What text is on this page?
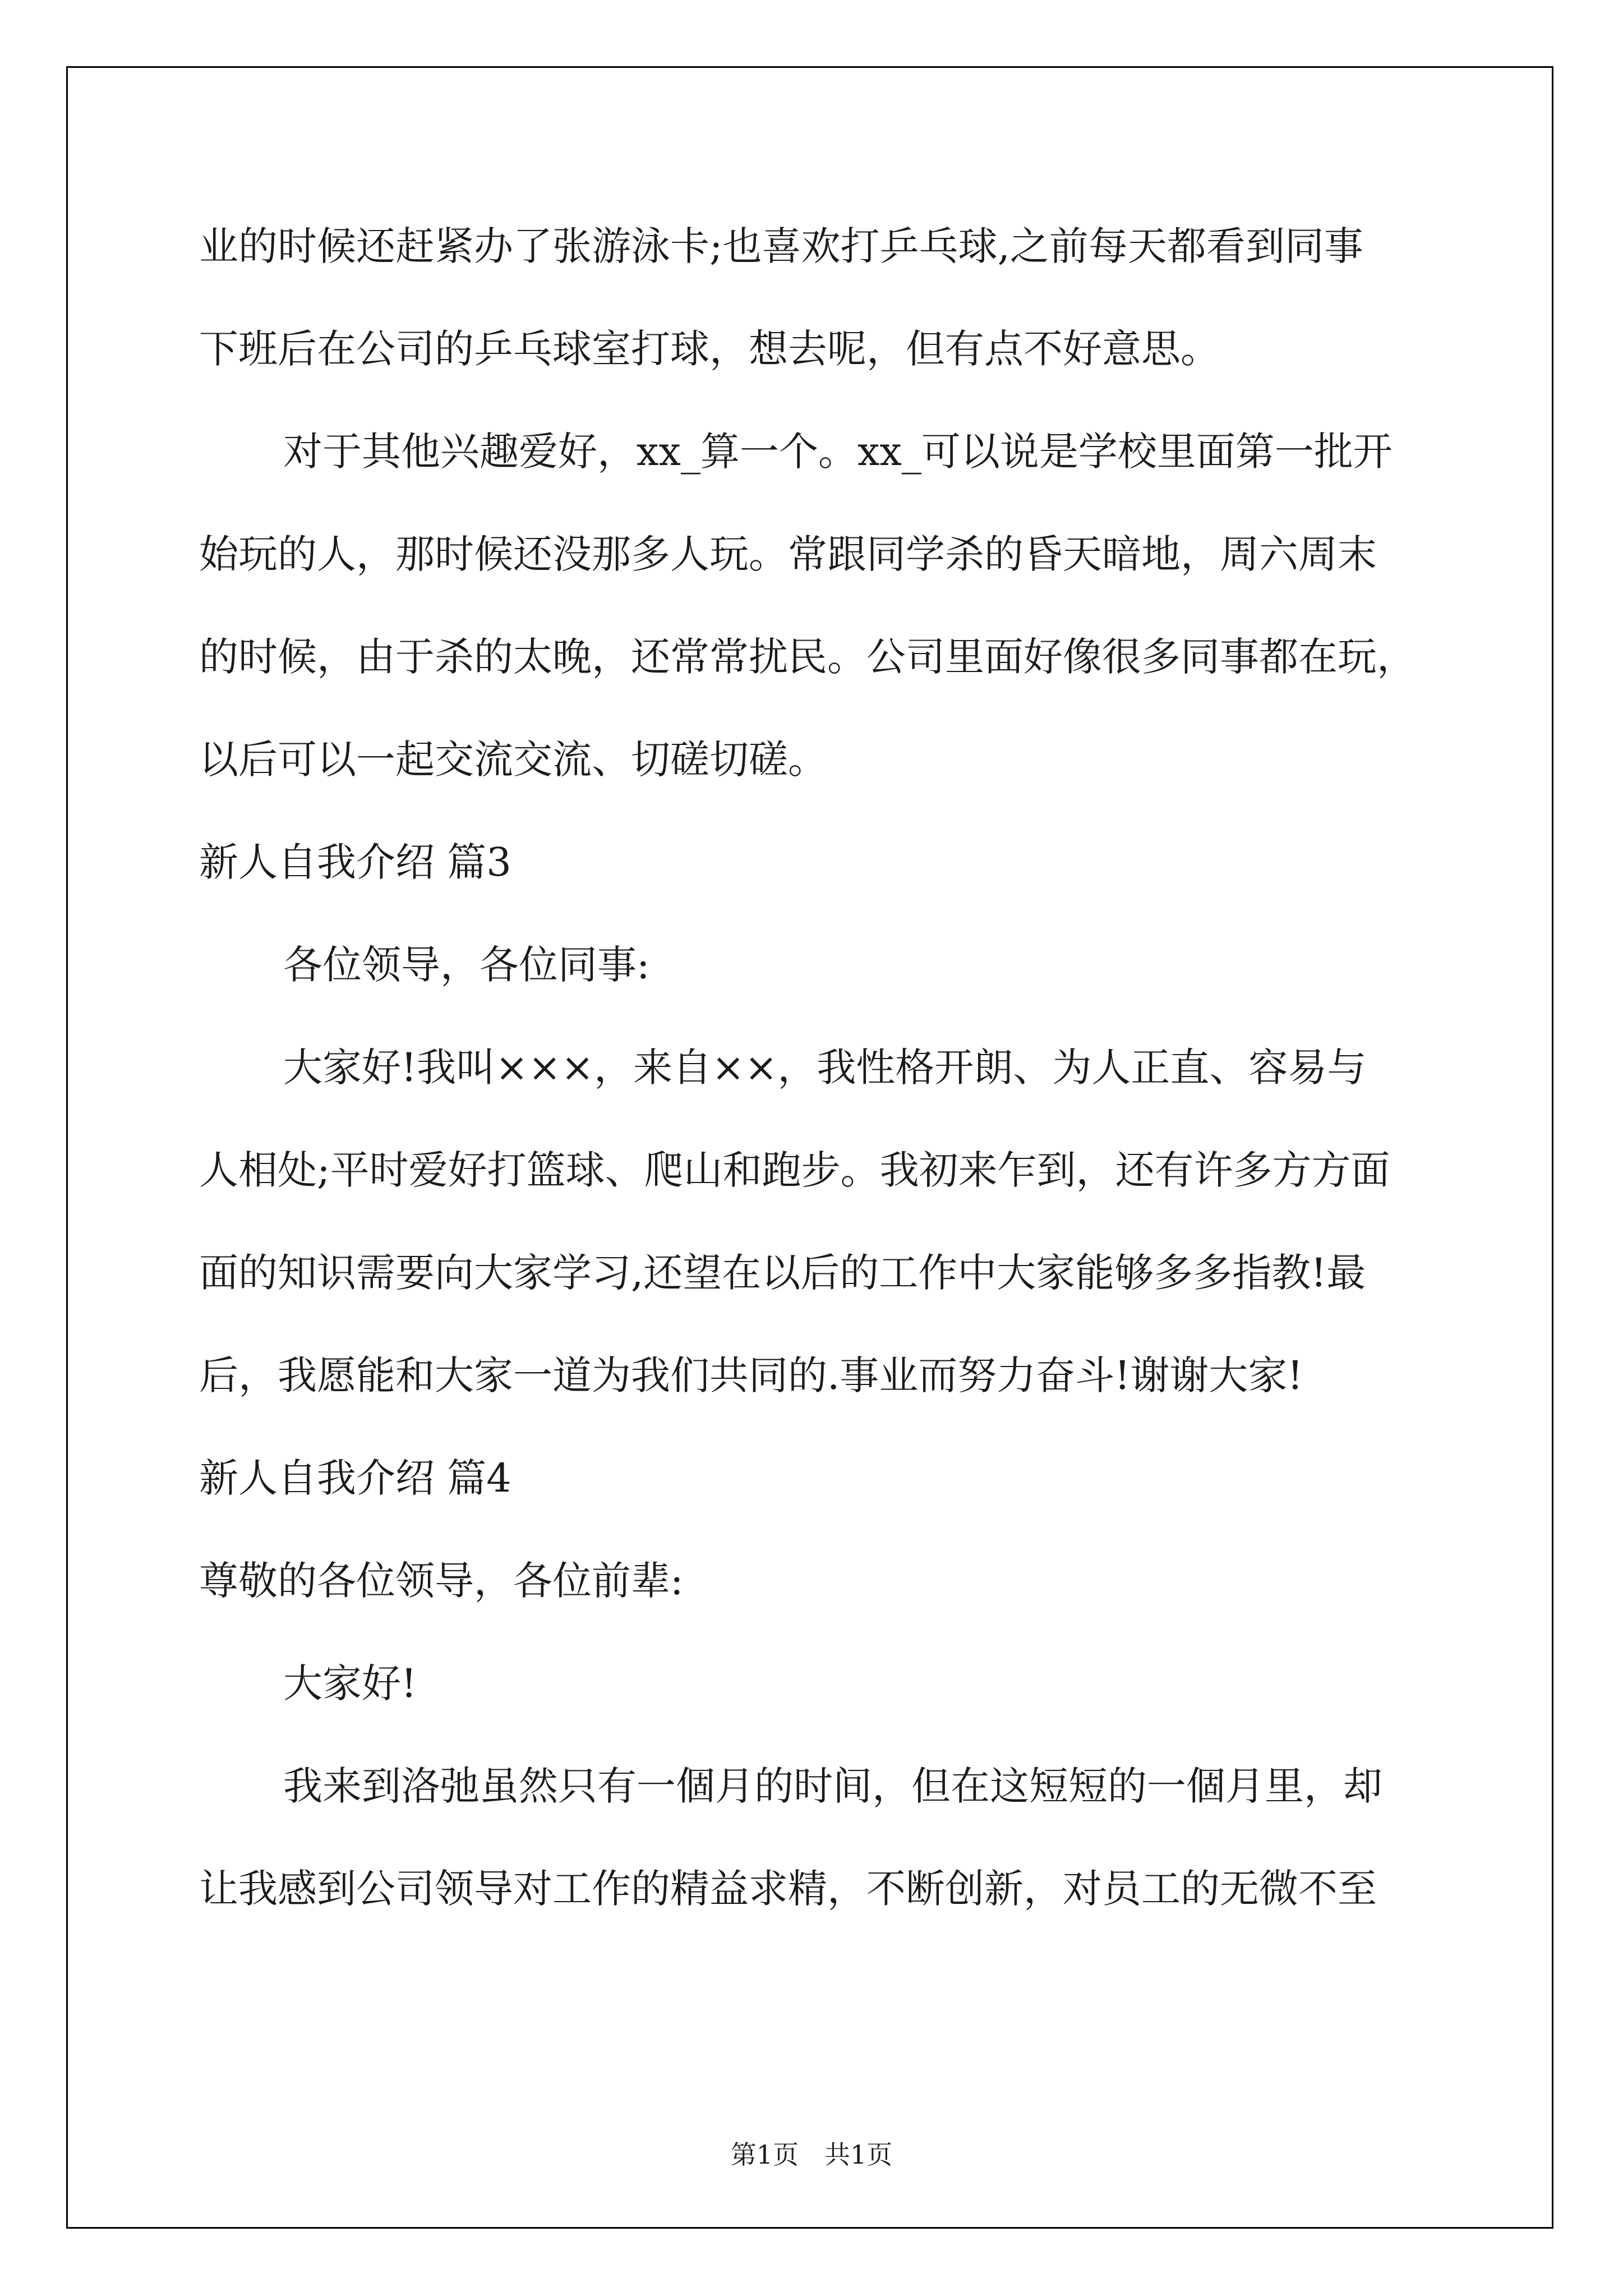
业的时候还赶紧办了张游泳卡;也喜欢打乒乓球,之前每天都看到同事
下班后在公司的乒乓球室打球，想去呢，但有点不好意思。
对于其他兴趣爱好，xx_算一个。xx_可以说是学校里面第一批开
始玩的人，那时候还没那多人玩。常跟同学杀的昏天暗地，周六周末
的时候，由于杀的太晚，还常常扰民。公司里面好像很多同事都在玩，
以后可以一起交流交流、切磋切磋。
新人自我介绍 篇3
各位领导，各位同事:
大家好!我叫×××，来自××，我性格开朗、为人正直、容易与
人相处;平时爱好打篮球、爬山和跑步。我初来乍到，还有许多方方面
面的知识需要向大家学习,还望在以后的工作中大家能够多多指教!最
后，我愿能和大家一道为我们共同的.事业而努力奋斗!谢谢大家!
新人自我介绍 篇4
尊敬的各位领导，各位前辈:
大家好!
我来到洛弛虽然只有一個月的时间，但在这短短的一個月里，却
让我感到公司领导对工作的精益求精，不断创新，对员工的无微不至
第1页　共1页
